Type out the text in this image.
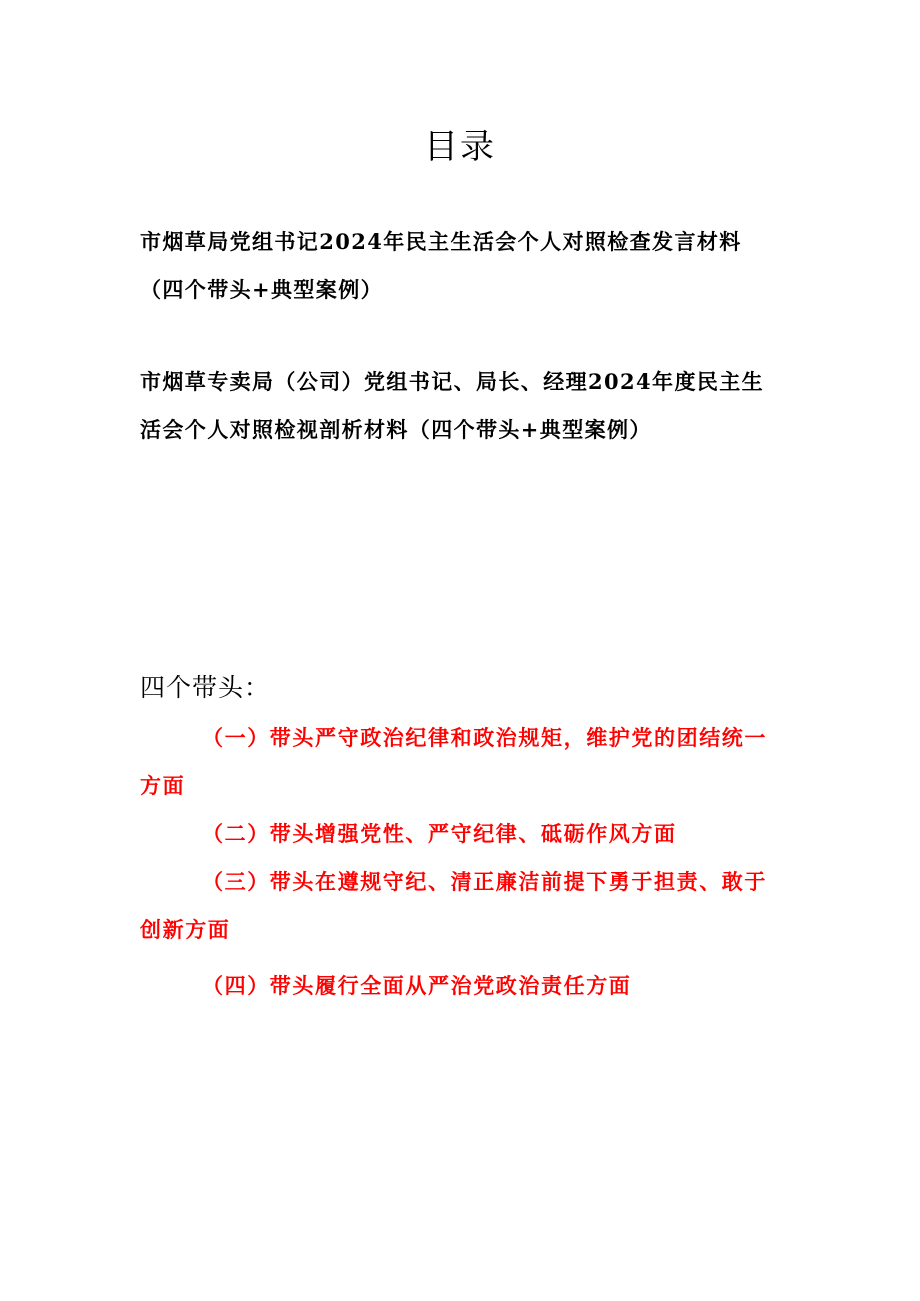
目录
市烟草局党组书记2024年民主生活会个人对照检查发言材料
（四个带头+典型案例）
市烟草专卖局（公司）党组书记、局长、经理2024年度民主生
活会个人对照检视剖析材料（四个带头+典型案例）
四个带头：
（一）带头严守政治纪律和政治规矩，维护党的团结统一
方面
（二）带头增强党性、严守纪律、砥砺作风方面
（三）带头在遵规守纪、清正廉洁前提下勇于担责、敢于
创新方面
（四）带头履行全面从严治党政治责任方面
